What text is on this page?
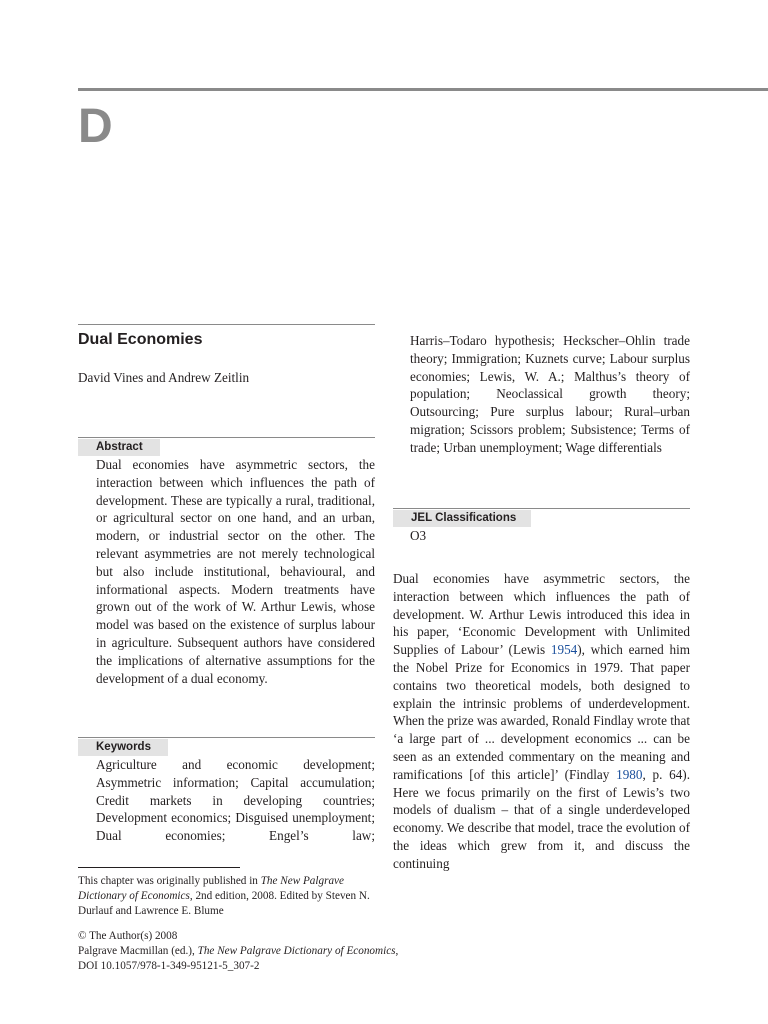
D
Dual Economies
David Vines and Andrew Zeitlin
Abstract
Dual economies have asymmetric sectors, the interaction between which influences the path of development. These are typically a rural, traditional, or agricultural sector on one hand, and an urban, modern, or industrial sector on the other. The relevant asymmetries are not merely technological but also include institutional, behavioural, and informational aspects. Modern treatments have grown out of the work of W. Arthur Lewis, whose model was based on the existence of surplus labour in agriculture. Subsequent authors have considered the implications of alternative assumptions for the development of a dual economy.
Keywords
Agriculture and economic development; Asymmetric information; Capital accumulation; Credit markets in developing countries; Development economics; Disguised unemployment; Dual economies; Engel’s law;
This chapter was originally published in The New Palgrave Dictionary of Economics, 2nd edition, 2008. Edited by Steven N. Durlauf and Lawrence E. Blume
© The Author(s) 2008
Palgrave Macmillan (ed.), The New Palgrave Dictionary of Economics,
DOI 10.1057/978-1-349-95121-5_307-2
Harris–Todaro hypothesis; Heckscher–Ohlin trade theory; Immigration; Kuznets curve; Labour surplus economies; Lewis, W. A.; Malthus’s theory of population; Neoclassical growth theory; Outsourcing; Pure surplus labour; Rural–urban migration; Scissors problem; Subsistence; Terms of trade; Urban unemployment; Wage differentials
JEL Classifications
O3
Dual economies have asymmetric sectors, the interaction between which influences the path of development. W. Arthur Lewis introduced this idea in his paper, ‘Economic Development with Unlimited Supplies of Labour’ (Lewis 1954), which earned him the Nobel Prize for Economics in 1979. That paper contains two theoretical models, both designed to explain the intrinsic problems of underdevelopment. When the prize was awarded, Ronald Findlay wrote that ‘a large part of ... development economics ... can be seen as an extended commentary on the meaning and ramifications [of this article]’ (Findlay 1980, p. 64). Here we focus primarily on the first of Lewis’s two models of dualism – that of a single underdeveloped economy. We describe that model, trace the evolution of the ideas which grew from it, and discuss the continuing
